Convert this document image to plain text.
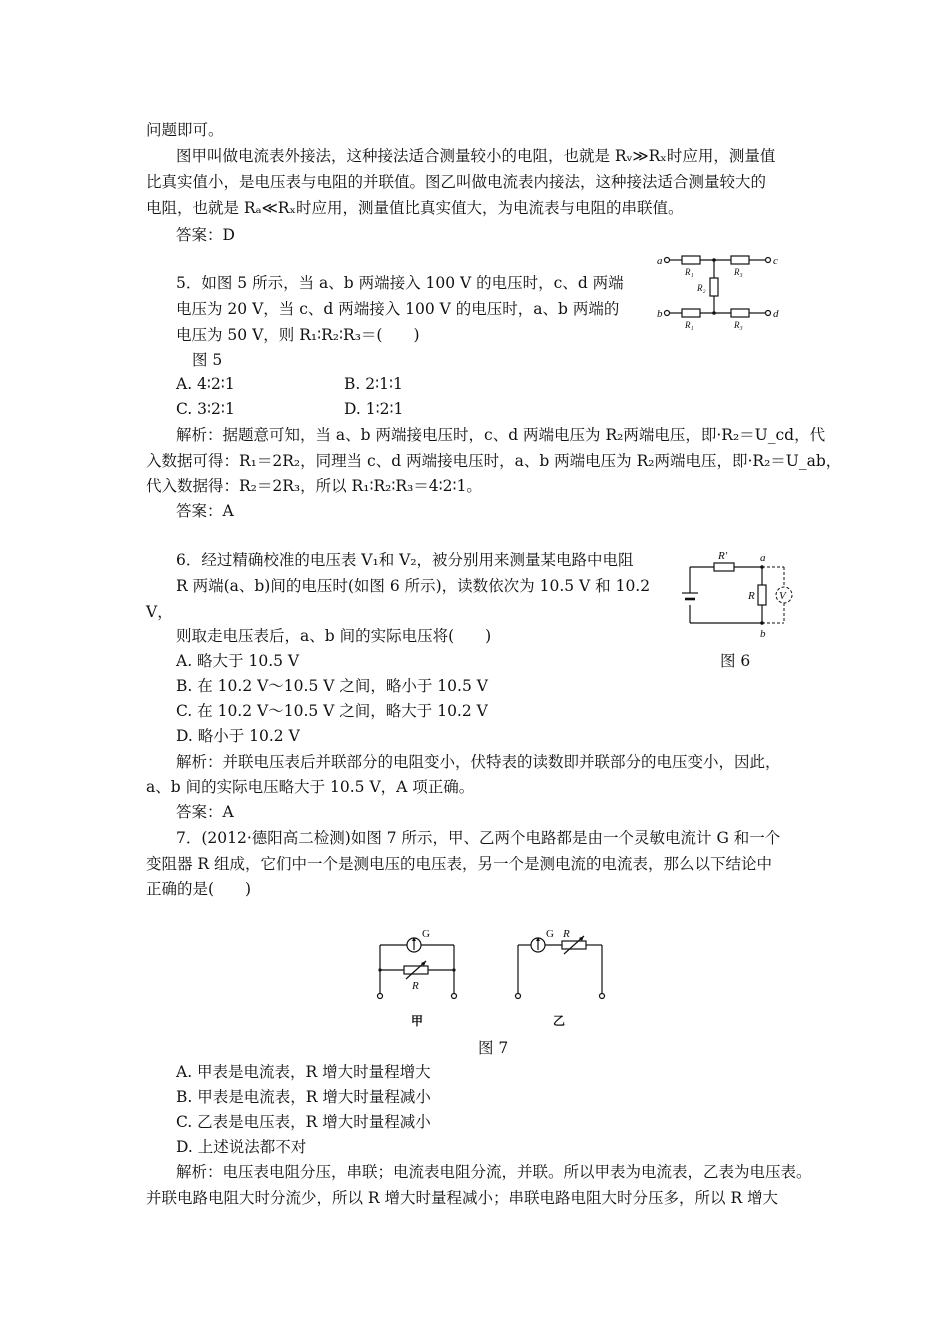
问题即可。
图甲叫做电流表外接法，这种接法适合测量较小的电阻，也就是 Rᵥ≫Rₓ时应用，测量值
比真实值小，是电压表与电阻的并联值。图乙叫做电流表内接法，这种接法适合测量较大的
电阻，也就是 Rₐ≪Rₓ时应用，测量值比真实值大，为电流表与电阻的串联值。
答案：D
5．如图 5 所示，当 a、b 两端接入 100 V 的电压时，c、d 两端
电压为 20 V，当 c、d 两端接入 100 V 的电压时，a、b 两端的
电压为 50 V，则 R₁∶R₂∶R₃＝(　　)
图 5
A. 4∶2∶1	B. 2∶1∶1
C. 3∶2∶1	D. 1∶2∶1
解析：据题意可知，当 a、b 两端接电压时，c、d 两端电压为 R₂两端电压，即·R₂＝U_cd，代
入数据可得：R₁＝2R₂，同理当 c、d 两端接电压时，a、b 两端电压为 R₂两端电压，即·R₂＝U_ab，
代入数据得：R₂＝2R₃，所以 R₁∶R₂∶R₃＝4∶2∶1。
答案：A
6．经过精确校准的电压表 V₁和 V₂，被分别用来测量某电路中电阻
R 两端(a、b)间的电压时(如图 6 所示)，读数依次为 10.5 V 和 10.2
V，
则取走电压表后，a、b 间的实际电压将(　　)
A. 略大于 10.5 V	图 6
B. 在 10.2 V～10.5 V 之间，略小于 10.5 V
C. 在 10.2 V～10.5 V 之间，略大于 10.2 V
D. 略小于 10.2 V
解析：并联电压表后并联部分的电阻变小，伏特表的读数即并联部分的电压变小，因此，
a、b 间的实际电压略大于 10.5 V，A 项正确。
答案：A
7．(2012·德阳高二检测)如图 7 所示，甲、乙两个电路都是由一个灵敏电流计 G 和一个
变阻器 R 组成，它们中一个是测电压的电压表，另一个是测电流的电流表，那么以下结论中
正确的是(　　)
图 7
A. 甲表是电流表，R 增大时量程增大
B. 甲表是电流表，R 增大时量程减小
C. 乙表是电压表，R 增大时量程减小
D. 上述说法都不对
解析：电压表电阻分压，串联；电流表电阻分流，并联。所以甲表为电流表，乙表为电压表。
并联电路电阻大时分流少，所以 R 增大时量程减小；串联电路电阻大时分压多，所以 R 增大
a	c
b	d
R₁	R₃
R₂
R₁	R₃
R′
R V
a
b
G	G
R
R
甲	乙
